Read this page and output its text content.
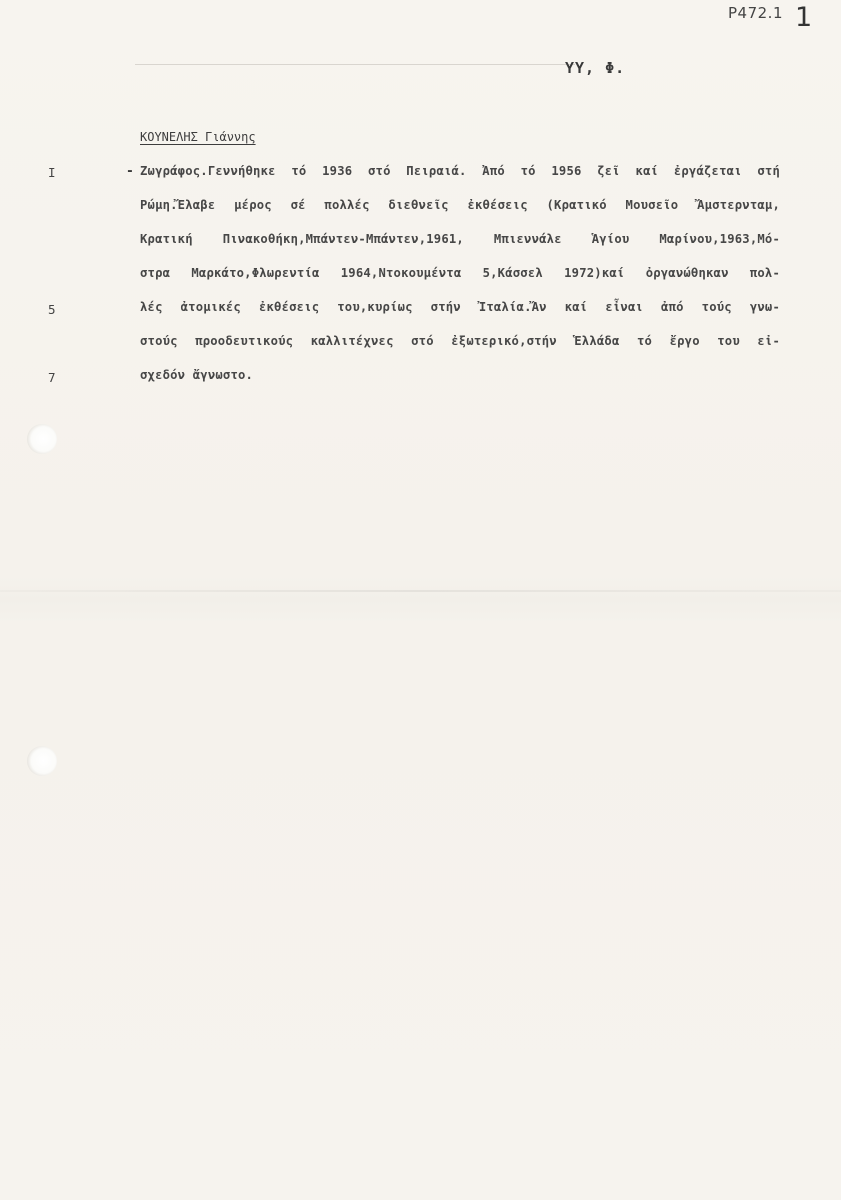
Ρ472.1 1
ΥΥ, Φ.
ΚΟΥΝΕΛΗΣ Γιάννης
I
5
7
- Ζωγράφος.Γεννήθηκε τό 1936 στό Πειραιά. Ἀπό τό 1956 ζεῖ καί ἐργάζεται στή
Ρώμη.Ἔλαβε μέρος σέ πολλές διεθνεῖς ἐκθέσεις (Κρατικό Μουσεῖο Ἄμστερνταμ,
Κρατική Πινακοθήκη,Μπάντεν-Μπάντεν,1961, Μπιεννάλε Ἁγίου Μαρίνου,1963,Μό-
στρα Μαρκάτο,Φλωρεντία 1964,Ντοκουμέντα 5,Κάσσελ 1972)καί ὀργανώθηκαν πολ-
λές ἀτομικές ἐκθέσεις του,κυρίως στήν Ἰταλία.Ἄν καί εἶναι ἀπό τούς γνω-
στούς προοδευτικούς καλλιτέχνες στό ἐξωτερικό,στήν Ἑλλάδα τό ἔργο του εἰ-
σχεδόν ἄγνωστο.
